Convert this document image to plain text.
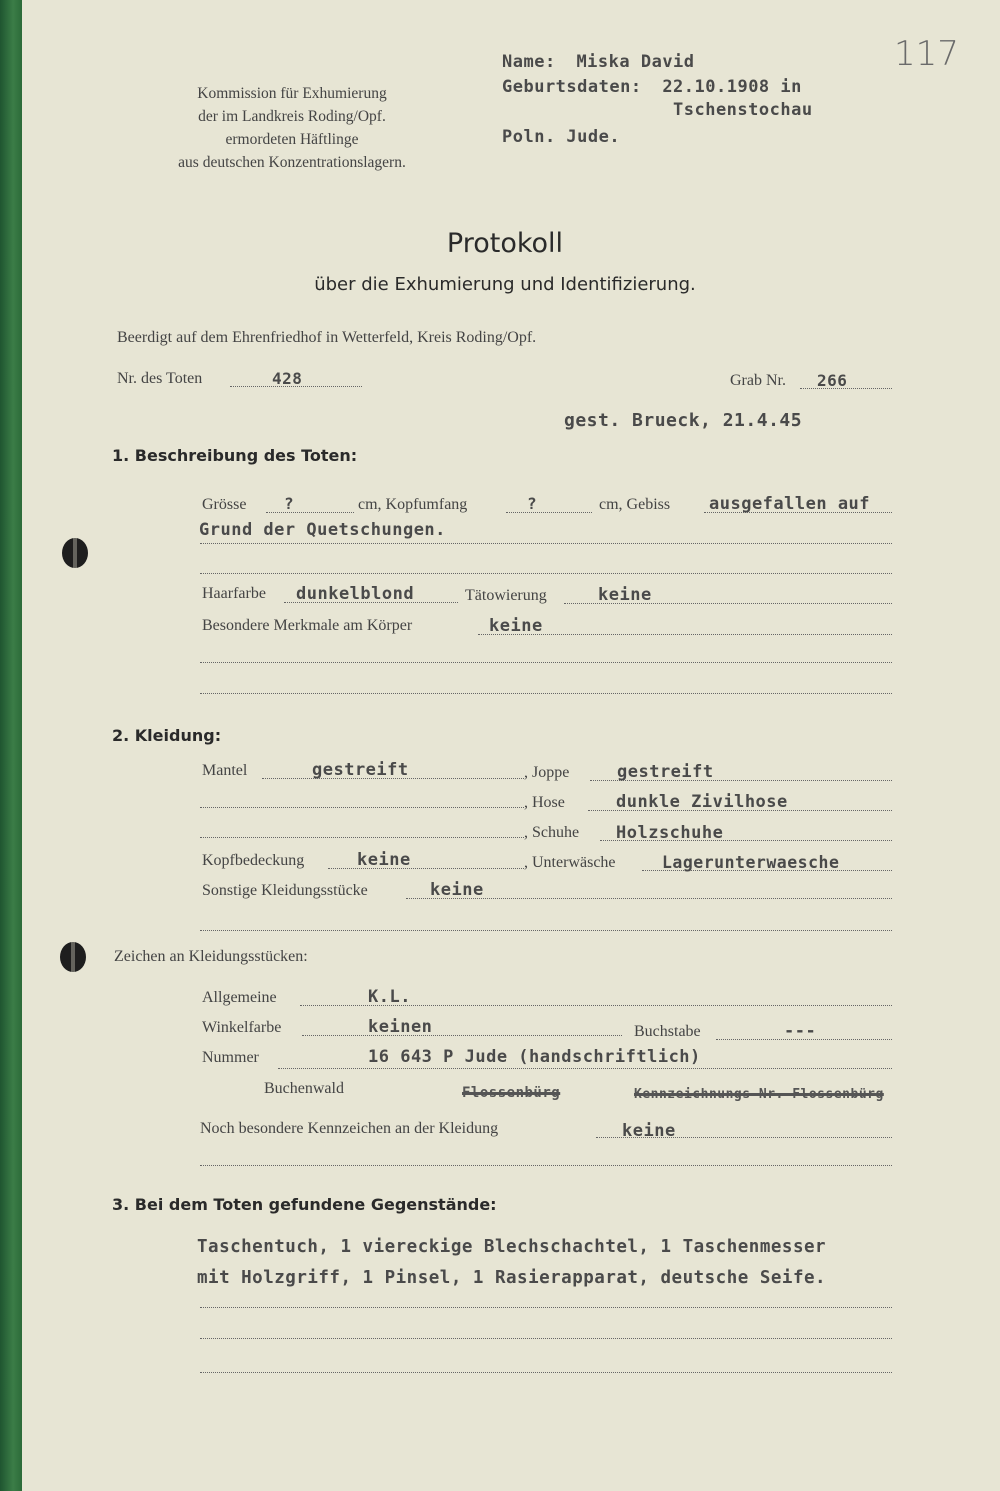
117
Kommission für Exhumierung
der im Landkreis Roding/Opf.
ermordeten Häftlinge
aus deutschen Konzentrationslagern.
Name: Miska David
Geburtsdaten: 22.10.1908 in
Tschenstochau
Poln. Jude.
Protokoll
über die Exhumierung und Identifizierung.
Beerdigt auf dem Ehrenfriedhof in Wetterfeld, Kreis Roding/Opf.
Nr. des Toten	428	Grab Nr. 266
gest. Brueck, 21.4.45
1. Beschreibung des Toten:
Grösse ?	cm, Kopfumfang	?	cm, Gebiss ausgefallen auf
Grund der Quetschungen.
Haarfarbe dunkelblond	Tätowierung	keine
Besondere Merkmale am Körper	keine
2. Kleidung:
Mantel	gestreift	, Joppe	gestreift
, Hose	dunkle Zivilhose
, Schuhe Holzschuhe
Kopfbedeckung	keine	, Unterwäsche	Lagerunterwaesche
Sonstige Kleidungsstücke	keine
Zeichen an Kleidungsstücken:
Allgemeine	K.L.
Winkelfarbe	keinen	Buchstabe	---
Nummer	16 643 P Jude (handschriftlich)
Buchenwald	Flossenbürg	Kennzeichnungs-Nr. Flossenbürg
Noch besondere Kennzeichen an der Kleidung	keine
3. Bei dem Toten gefundene Gegenstände:
Taschentuch, 1 viereckige Blechschachtel, 1 Taschenmesser
mit Holzgriff, 1 Pinsel, 1 Rasierapparat, deutsche Seife.
